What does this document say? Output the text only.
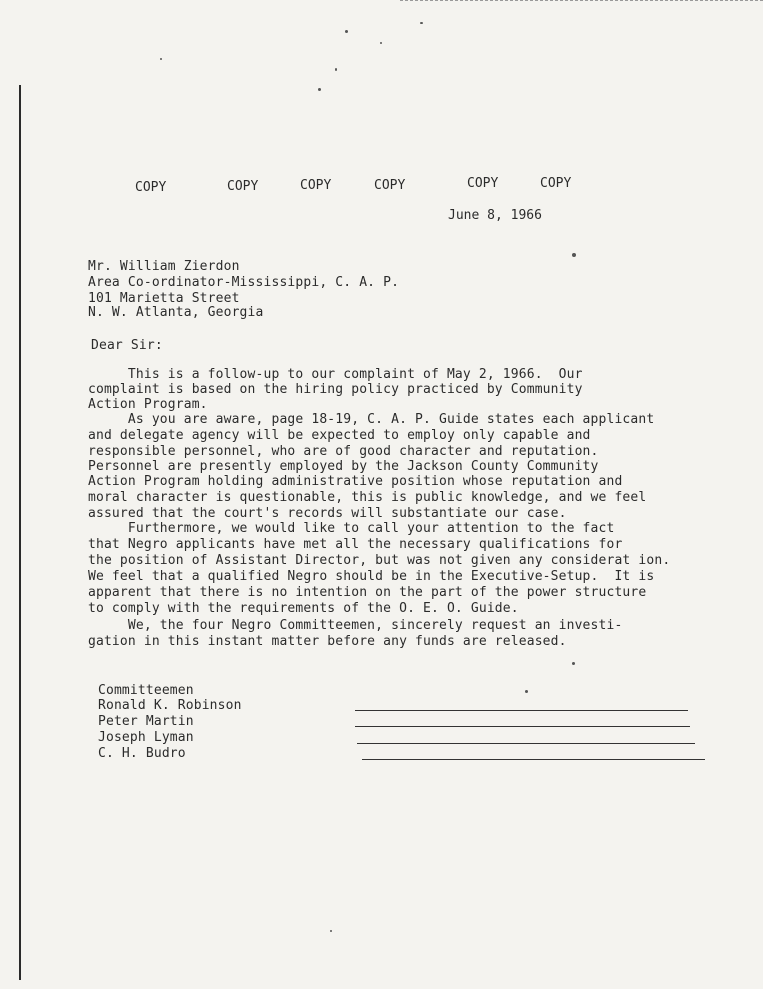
COPY	COPY	COPY	COPY	COPY	COPY
June 8, 1966
Mr. William Zierdon
Area Co-ordinator-Mississippi, C. A. P.
101 Marietta Street
N. W. Atlanta, Georgia
Dear Sir:
This is a follow-up to our complaint of May 2, 1966.  Our
complaint is based on the hiring policy practiced by Community
Action Program.
As you are aware, page 18-19, C. A. P. Guide states each applicant
and delegate agency will be expected to employ only capable and
responsible personnel, who are of good character and reputation.
Personnel are presently employed by the Jackson County Community
Action Program holding administrative position whose reputation and
moral character is questionable, this is public knowledge, and we feel
assured that the court's records will substantiate our case.
Furthermore, we would like to call your attention to the fact
that Negro applicants have met all the necessary qualifications for
the position of Assistant Director, but was not given any considerat ion.
We feel that a qualified Negro should be in the Executive-Setup.  It is
apparent that there is no intention on the part of the power structure
to comply with the requirements of the O. E. O. Guide.
We, the four Negro Committeemen, sincerely request an investi-
gation in this instant matter before any funds are released.
Committeemen
Ronald K. Robinson
Peter Martin
Joseph Lyman
C. H. Budro
